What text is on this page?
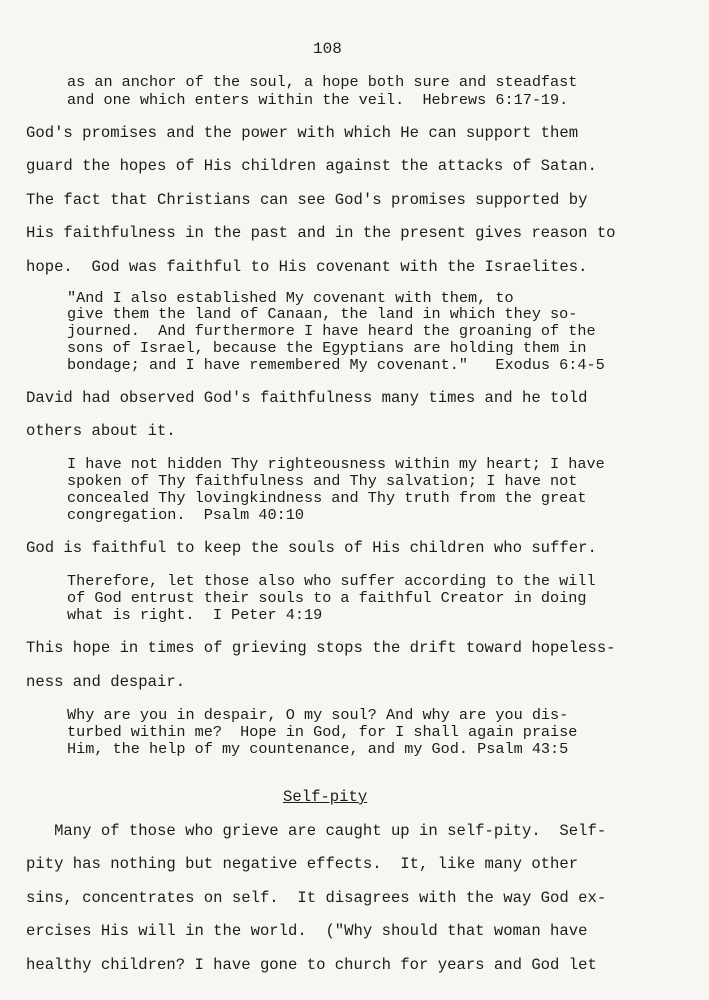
108
as an anchor of the soul, a hope both sure and steadfast
and one which enters within the veil.  Hebrews 6:17-19.
God's promises and the power with which He can support them
guard the hopes of His children against the attacks of Satan.
The fact that Christians can see God's promises supported by
His faithfulness in the past and in the present gives reason to
hope.  God was faithful to His covenant with the Israelites.
"And I also established My covenant with them, to
give them the land of Canaan, the land in which they so-
journed.  And furthermore I have heard the groaning of the
sons of Israel, because the Egyptians are holding them in
bondage; and I have remembered My covenant."   Exodus 6:4-5
David had observed God's faithfulness many times and he told
others about it.
I have not hidden Thy righteousness within my heart; I have
spoken of Thy faithfulness and Thy salvation; I have not
concealed Thy lovingkindness and Thy truth from the great
congregation.  Psalm 40:10
God is faithful to keep the souls of His children who suffer.
Therefore, let those also who suffer according to the will
of God entrust their souls to a faithful Creator in doing
what is right.  I Peter 4:19
This hope in times of grieving stops the drift toward hopeless-
ness and despair.
Why are you in despair, O my soul? And why are you dis-
turbed within me?  Hope in God, for I shall again praise
Him, the help of my countenance, and my God. Psalm 43:5
Self-pity
Many of those who grieve are caught up in self-pity.  Self-
pity has nothing but negative effects.  It, like many other
sins, concentrates on self.  It disagrees with the way God ex-
ercises His will in the world.  ("Why should that woman have
healthy children? I have gone to church for years and God let
